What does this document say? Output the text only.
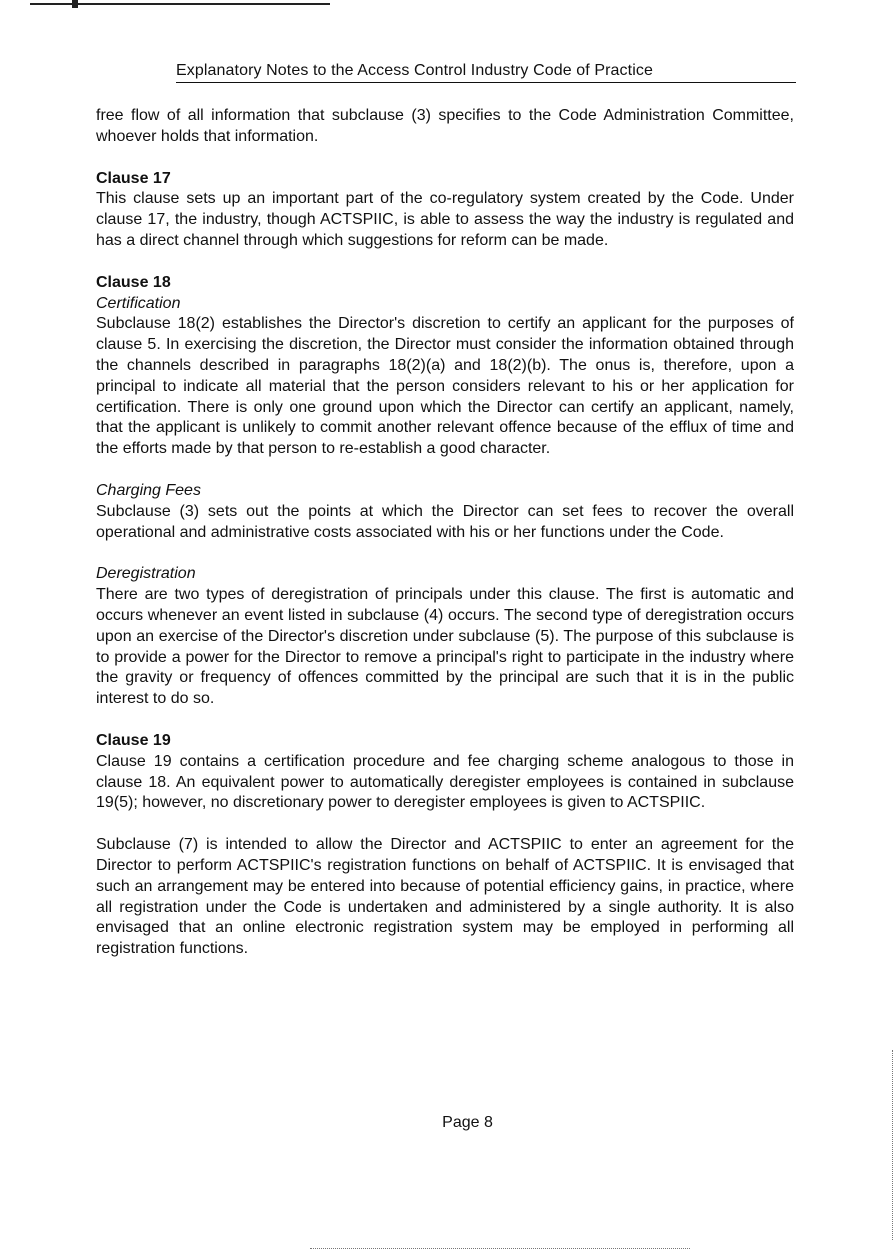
Explanatory Notes to the Access Control Industry Code of Practice

free flow of all information that subclause (3) specifies to the Code Administration Committee, whoever holds that information.

Clause 17

This clause sets up an important part of the co-regulatory system created by the Code. Under clause 17, the industry, though ACTSPIIC, is able to assess the way the industry is regulated and has a direct channel through which suggestions for reform can be made.

Clause 18

Certification

Subclause 18(2) establishes the Director's discretion to certify an applicant for the purposes of clause 5. In exercising the discretion, the Director must consider the information obtained through the channels described in paragraphs 18(2)(a) and 18(2)(b). The onus is, therefore, upon a principal to indicate all material that the person considers relevant to his or her application for certification. There is only one ground upon which the Director can certify an applicant, namely, that the applicant is unlikely to commit another relevant offence because of the efflux of time and the efforts made by that person to re-establish a good character.

Charging Fees

Subclause (3) sets out the points at which the Director can set fees to recover the overall operational and administrative costs associated with his or her functions under the Code.

Deregistration

There are two types of deregistration of principals under this clause. The first is automatic and occurs whenever an event listed in subclause (4) occurs. The second type of deregistration occurs upon an exercise of the Director's discretion under subclause (5). The purpose of this subclause is to provide a power for the Director to remove a principal's right to participate in the industry where the gravity or frequency of offences committed by the principal are such that it is in the public interest to do so.

Clause 19

Clause 19 contains a certification procedure and fee charging scheme analogous to those in clause 18. An equivalent power to automatically deregister employees is contained in subclause 19(5); however, no discretionary power to deregister employees is given to ACTSPIIC.

Subclause (7) is intended to allow the Director and ACTSPIIC to enter an agreement for the Director to perform ACTSPIIC's registration functions on behalf of ACTSPIIC. It is envisaged that such an arrangement may be entered into because of potential efficiency gains, in practice, where all registration under the Code is undertaken and administered by a single authority. It is also envisaged that an online electronic registration system may be employed in performing all registration functions.

Page 8
